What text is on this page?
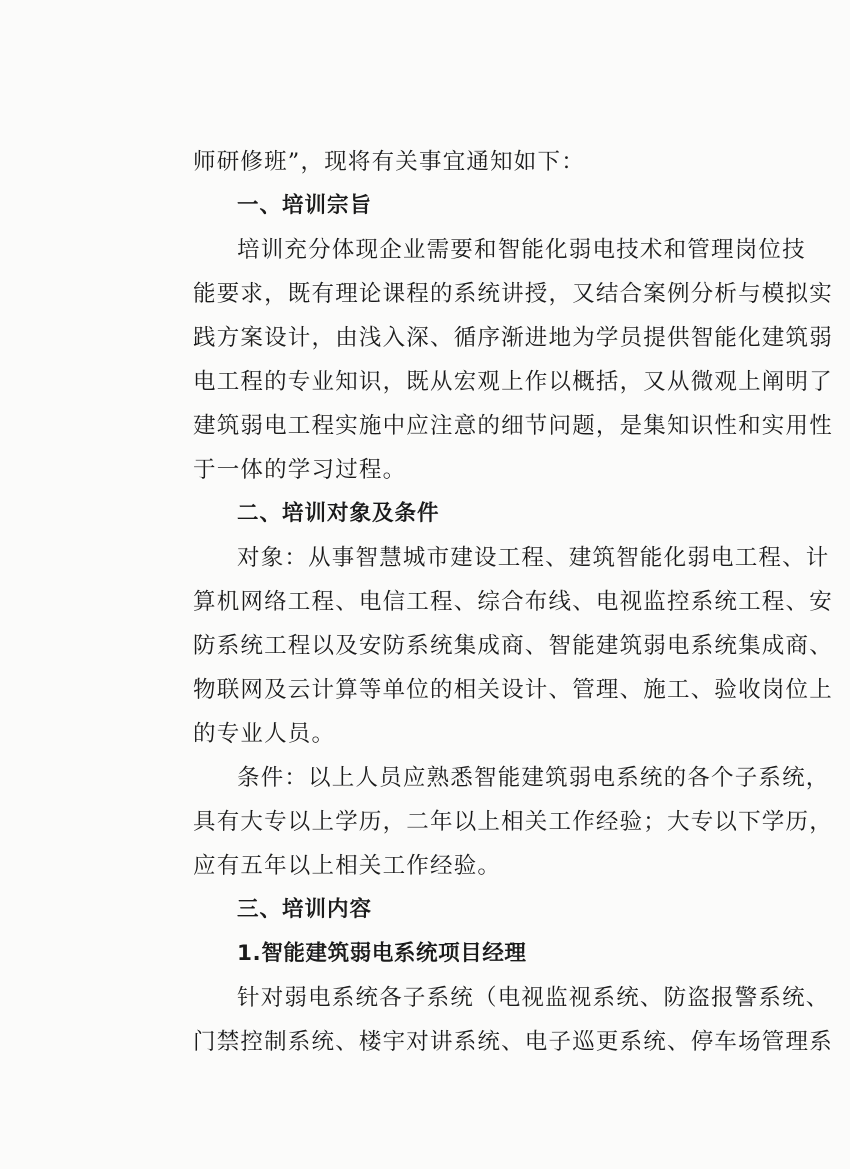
师研修班”，现将有关事宜通知如下：
一、培训宗旨
培训充分体现企业需要和智能化弱电技术和管理岗位技
能要求，既有理论课程的系统讲授，又结合案例分析与模拟实
践方案设计，由浅入深、循序渐进地为学员提供智能化建筑弱
电工程的专业知识，既从宏观上作以概括，又从微观上阐明了
建筑弱电工程实施中应注意的细节问题，是集知识性和实用性
于一体的学习过程。
二、培训对象及条件
对象：从事智慧城市建设工程、建筑智能化弱电工程、计
算机网络工程、电信工程、综合布线、电视监控系统工程、安
防系统工程以及安防系统集成商、智能建筑弱电系统集成商、
物联网及云计算等单位的相关设计、管理、施工、验收岗位上
的专业人员。
条件：以上人员应熟悉智能建筑弱电系统的各个子系统，
具有大专以上学历，二年以上相关工作经验；大专以下学历，
应有五年以上相关工作经验。
三、培训内容
1.智能建筑弱电系统项目经理
针对弱电系统各子系统（电视监视系统、防盗报警系统、
门禁控制系统、楼宇对讲系统、电子巡更系统、停车场管理系
